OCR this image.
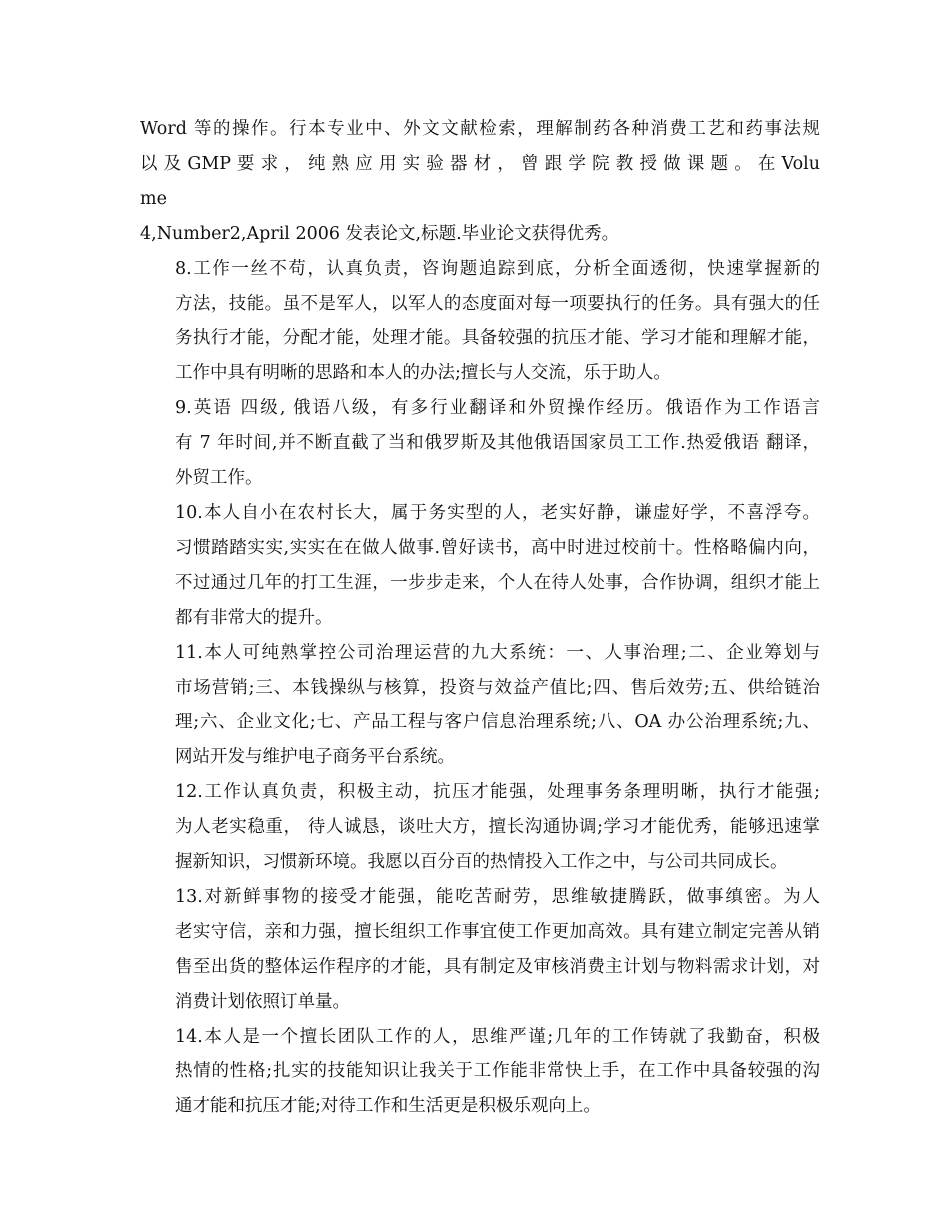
Word 等的操作。行本专业中、外文文献检索，理解制药各种消费工艺和药事法规
以 及 GMP 要 求 ， 纯 熟 应 用 实 验 器 材 ， 曾 跟 学 院 教 授 做 课 题 。 在 Volume
4,Number2,April 2006 发表论文,标题.毕业论文获得优秀。
8.工作一丝不苟，认真负责，咨询题追踪到底，分析全面透彻，快速掌握新的
方法，技能。虽不是军人，以军人的态度面对每一项要执行的任务。具有强大的任
务执行才能，分配才能，处理才能。具备较强的抗压才能、学习才能和理解才能，
工作中具有明晰的思路和本人的办法;擅长与人交流，乐于助人。
9.英语 四级, 俄语八级，有多行业翻译和外贸操作经历。俄语作为工作语言
有 7 年时间,并不断直截了当和俄罗斯及其他俄语国家员工工作.热爱俄语 翻译，
外贸工作。
10.本人自小在农村长大，属于务实型的人，老实好静，谦虚好学，不喜浮夸。
习惯踏踏实实,实实在在做人做事.曾好读书，高中时进过校前十。性格略偏内向，
不过通过几年的打工生涯，一步步走来，个人在待人处事，合作协调，组织才能上
都有非常大的提升。
11.本人可纯熟掌控公司治理运营的九大系统：一、人事治理;二、企业筹划与
市场营销;三、本钱操纵与核算，投资与效益产值比;四、售后效劳;五、供给链治
理;六、企业文化;七、产品工程与客户信息治理系统;八、OA 办公治理系统;九、
网站开发与维护电子商务平台系统。
12.工作认真负责，积极主动，抗压才能强，处理事务条理明晰，执行才能强;
为人老实稳重， 待人诚恳，谈吐大方，擅长沟通协调;学习才能优秀，能够迅速掌
握新知识，习惯新环境。我愿以百分百的热情投入工作之中，与公司共同成长。
13.对新鲜事物的接受才能强，能吃苦耐劳，思维敏捷腾跃，做事缜密。为人
老实守信，亲和力强，擅长组织工作事宜使工作更加高效。具有建立制定完善从销
售至出货的整体运作程序的才能，具有制定及审核消费主计划与物料需求计划，对
消费计划依照订单量。
14.本人是一个擅长团队工作的人，思维严谨;几年的工作铸就了我勤奋，积极
热情的性格;扎实的技能知识让我关于工作能非常快上手，在工作中具备较强的沟
通才能和抗压才能;对待工作和生活更是积极乐观向上。
